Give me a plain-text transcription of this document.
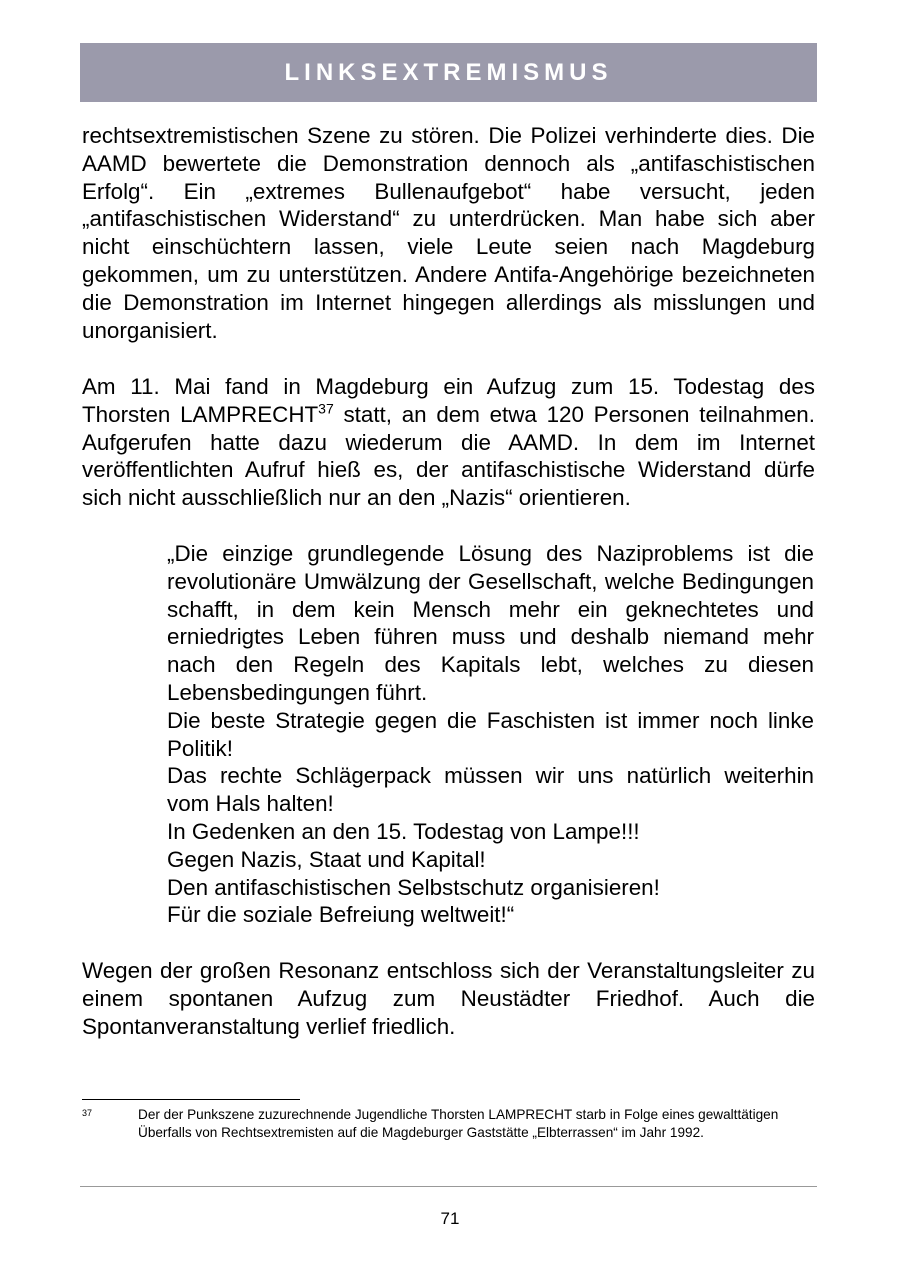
LINKSEXTREMISMUS

rechtsextremistischen Szene zu stören. Die Polizei verhinderte dies. Die AAMD bewertete die Demonstration dennoch als „antifaschistischen Erfolg“. Ein „extremes Bullenaufgebot“ habe versucht, jeden „antifaschistischen Widerstand“ zu unterdrücken. Man habe sich aber nicht einschüchtern lassen, viele Leute seien nach Magdeburg gekommen, um zu unterstützen. Andere Antifa-Angehörige bezeichneten die Demonstration im Internet hingegen allerdings als misslungen und unorganisiert.

Am 11. Mai fand in Magdeburg ein Aufzug zum 15. Todestag des Thorsten LAMPRECHT$^{37}$ statt, an dem etwa 120 Personen teilnahmen. Aufgerufen hatte dazu wiederum die AAMD. In dem im Internet veröffentlichten Aufruf hieß es, der antifaschistische Widerstand dürfe sich nicht ausschließlich nur an den „Nazis“ orientieren.

„Die einzige grundlegende Lösung des Naziproblems ist die revolutionäre Umwälzung der Gesellschaft, welche Bedingungen schafft, in dem kein Mensch mehr ein geknechtetes und erniedrigtes Leben führen muss und deshalb niemand mehr nach den Regeln des Kapitals lebt, welches zu diesen Lebensbedingungen führt.

Die beste Strategie gegen die Faschisten ist immer noch linke Politik!

Das rechte Schlägerpack müssen wir uns natürlich weiterhin vom Hals halten!

In Gedenken an den 15. Todestag von Lampe!!!

Gegen Nazis, Staat und Kapital!

Den antifaschistischen Selbstschutz organisieren!

Für die soziale Befreiung weltweit!“

Wegen der großen Resonanz entschloss sich der Veranstaltungsleiter zu einem spontanen Aufzug zum Neustädter Friedhof. Auch die Spontanveranstaltung verlief friedlich.

37	Der der Punkszene zuzurechnende Jugendliche Thorsten LAMPRECHT starb in Folge eines gewalttätigen Überfalls von Rechtsextremisten auf die Magdeburger Gaststätte „Elbterrassen“ im Jahr 1992.
71
